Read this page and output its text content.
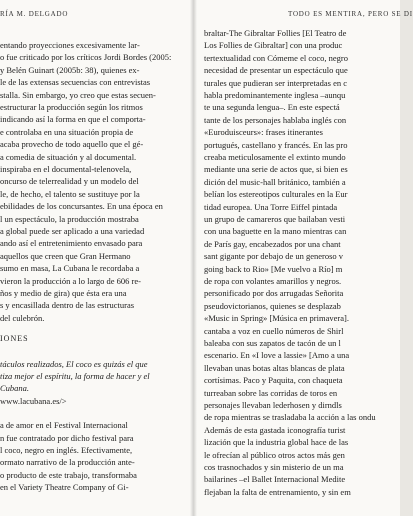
RÍA M. DELGADO
entando proyecciones excesivamente lar-
o fue criticado por los críticos Jordi Bordes (2005:
y Belén Guinart (2005b: 38), quienes ex-
le de las extensas secuencias con entrevistas
stalla. Sin embargo, yo creo que estas secuen-
estructurar la producción según los ritmos
indicando así la forma en que el comporta-
e controlaba en una situación propia de
acaba provecho de todo aquello que el gé-
a comedia de situación y al documental.
inspiraba en el documental-telenovela,
oncurso de telerrealidad y un modelo del
le, de hecho, el talento se sustituye por la
ebilidades de los concursantes. En una época en
l un espectáculo, la producción mostraba
a global puede ser aplicado a una variedad
ando así el entretenimiento envasado para
aquellos que creen que Gran Hermano
sumo en masa, La Cubana le recordaba a
vieron la producción a lo largo de 606 re-
ños y medio de gira) que ésta era una
s y encasillada dentro de las estructuras
del culebrón.
IONES
táculos realizados, El coco es quizás el que
tiza mejor el espíritu, la forma de hacer y el
Cubana.
www.lacubana.es/>
a de amor en el Festival Internacional
n fue contratado por dicho festival para
l coco, negro en inglés. Efectivamente,
ormato narrativo de la producción ante-
o producto de este trabajo, transformaba
en el Variety Theatre Company of Gi-
TODO ES MENTIRA, PERO SE DI
braltar-The Gibraltar Follies [El Teatro de
Los Follies de Gibraltar] con una produc
tertextualidad con Cómeme el coco, negro
necesidad de presentar un espectáculo que
turales que pudieran ser interpretadas en c
habla predominantemente inglesa –aunqu
te una segunda lengua–. En este espectá
tante de los personajes hablaba inglés con
«Euroduisceurs»: frases itinerantes
portugués, castellano y francés. En las pro
creaba meticulosamente el extinto mundo
mediante una serie de actos que, si bien es
dición del music-hall británico, también a
belían los estereotipos culturales en la Eur
tidad europea. Una Torre Eiffel pintada
un grupo de camareros que bailaban vesti
con una baguette en la mano mientras can
de París gay, encabezados por una chant
sant gigante por debajo de un generoso v
going back to Rio» [Me vuelvo a Río] m
de ropa con volantes amarillos y negros.
personificado por dos arrugadas Señorita
pseudovictorianos, quienes se desplazab
«Music in Spring» [Música en primavera].
cantaba a voz en cuello números de Shirl
baleaba con sus zapatos de tacón de un l
escenario. En «I love a lassie» [Amo a una
llevaban unas botas altas blancas de plata
cortísimas. Paco y Paquita, con chaqueta
turreaban sobre las corridas de toros en
personajes llevaban lederhosen y dirndls
de ropa mientras se trasladaba la acción a las ondu
Además de esta gastada iconografía turist
lización que la industria global hace de las
le ofrecían al público otros actos más gen
cos trasnochados y sin misterio de un ma
bailarines –el Ballet Internacional Medite
flejaban la falta de entrenamiento, y sin em
